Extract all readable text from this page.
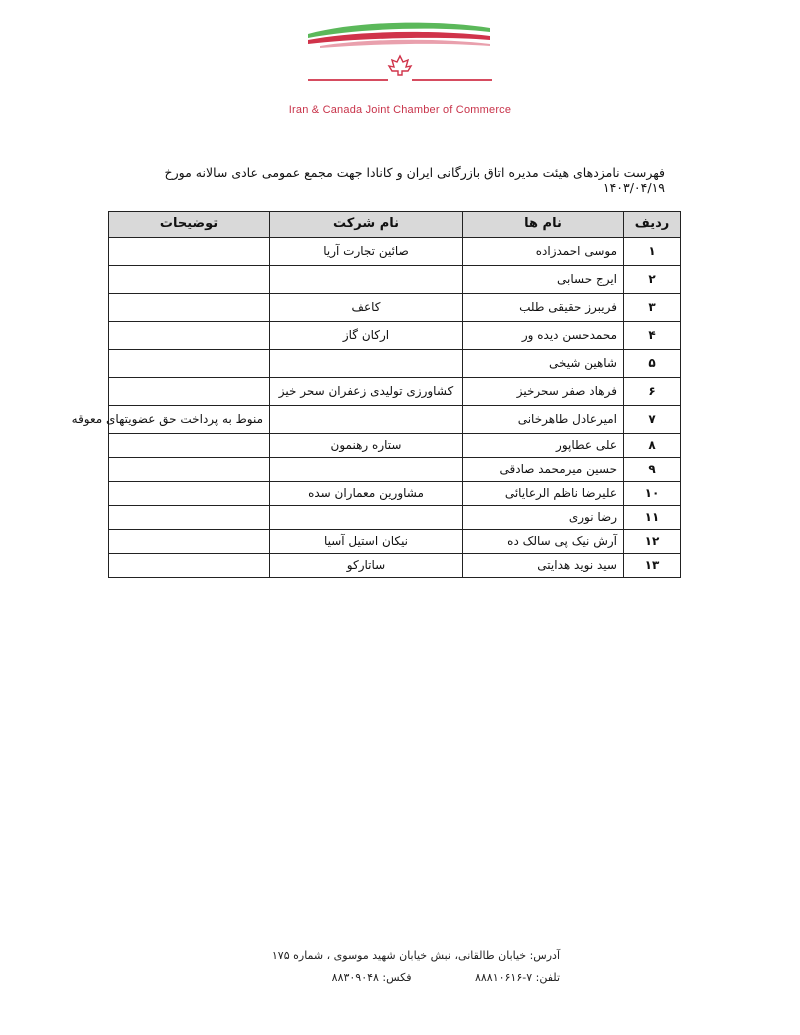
Iran & Canada Joint Chamber of Commerce
فهرست نامزدهای هیئت مدیره اتاق بازرگانی ایران و کانادا جهت مجمع عمومی عادی سالانه مورخ ۱۴۰۳/۰۴/۱۹
ردیف	نام ها	نام شرکت	توضیحات
۱	موسی احمدزاده	صائین تجارت آریا	
۲	ایرج حسابی		
۳	فریبرز حقیقی طلب	کاعف	
۴	محمدحسن دیده ور	ارکان گاز	
۵	شاهین شیخی		
۶	فرهاد صفر سحرخیز	کشاورزی تولیدی زعفران سحر خیز	
۷	امیرعادل طاهرخانی		منوط به پرداخت حق عضویتهای معوقه
۸	علی عطاپور	ستاره رهنمون	
۹	حسین میرمحمد صادقی		
۱۰	علیرضا ناظم الرعایائی	مشاورین معماران سده	
۱۱	رضا نوری		
۱۲	آرش نیک پی سالک ده	نیکان استیل آسیا	
۱۳	سید نوید هدایتی	ساتارکو	
آدرس: خیابان طالقانی، نبش خیابان شهید موسوی ، شماره ۱۷۵
تلفن: ۷-۸۸۸۱۰۶۱۶ فکس: ۸۸۳۰۹۰۴۸
